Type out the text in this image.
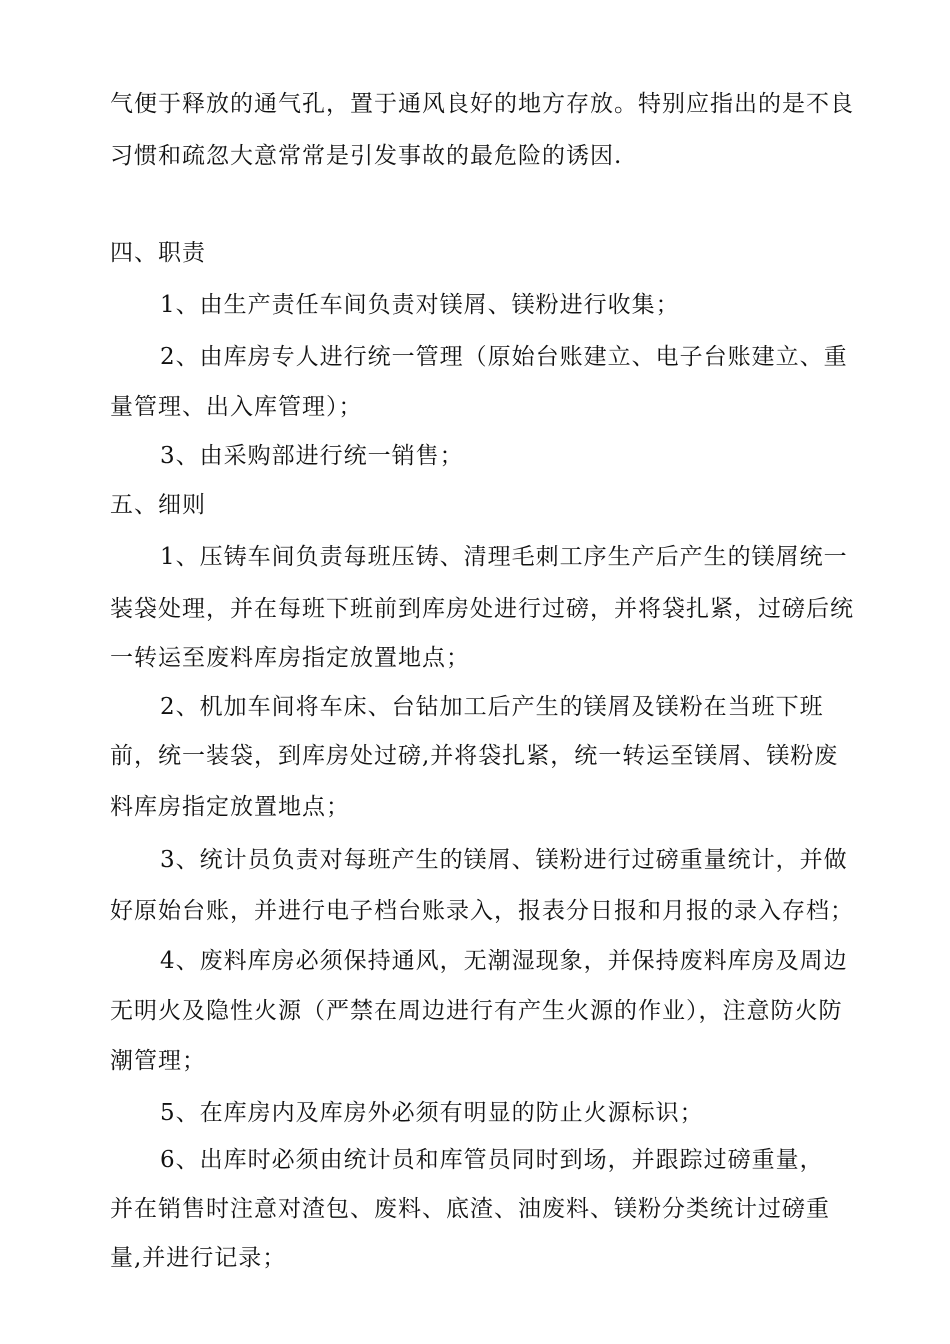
气便于释放的通气孔，置于通风良好的地方存放。特别应指出的是不良
习惯和疏忽大意常常是引发事故的最危险的诱因.
四、职责
1、由生产责任车间负责对镁屑、镁粉进行收集；
2、由库房专人进行统一管理（原始台账建立、电子台账建立、重
量管理、出入库管理）；
3、由采购部进行统一销售；
五、细则
1、压铸车间负责每班压铸、清理毛刺工序生产后产生的镁屑统一
装袋处理，并在每班下班前到库房处进行过磅，并将袋扎紧，过磅后统
一转运至废料库房指定放置地点；
2、机加车间将车床、台钻加工后产生的镁屑及镁粉在当班下班
前，统一装袋，到库房处过磅,并将袋扎紧，统一转运至镁屑、镁粉废
料库房指定放置地点；
3、统计员负责对每班产生的镁屑、镁粉进行过磅重量统计，并做
好原始台账，并进行电子档台账录入，报表分日报和月报的录入存档；
4、废料库房必须保持通风，无潮湿现象，并保持废料库房及周边
无明火及隐性火源（严禁在周边进行有产生火源的作业），注意防火防
潮管理；
5、在库房内及库房外必须有明显的防止火源标识；
6、出库时必须由统计员和库管员同时到场，并跟踪过磅重量，
并在销售时注意对渣包、废料、底渣、油废料、镁粉分类统计过磅重
量,并进行记录；
